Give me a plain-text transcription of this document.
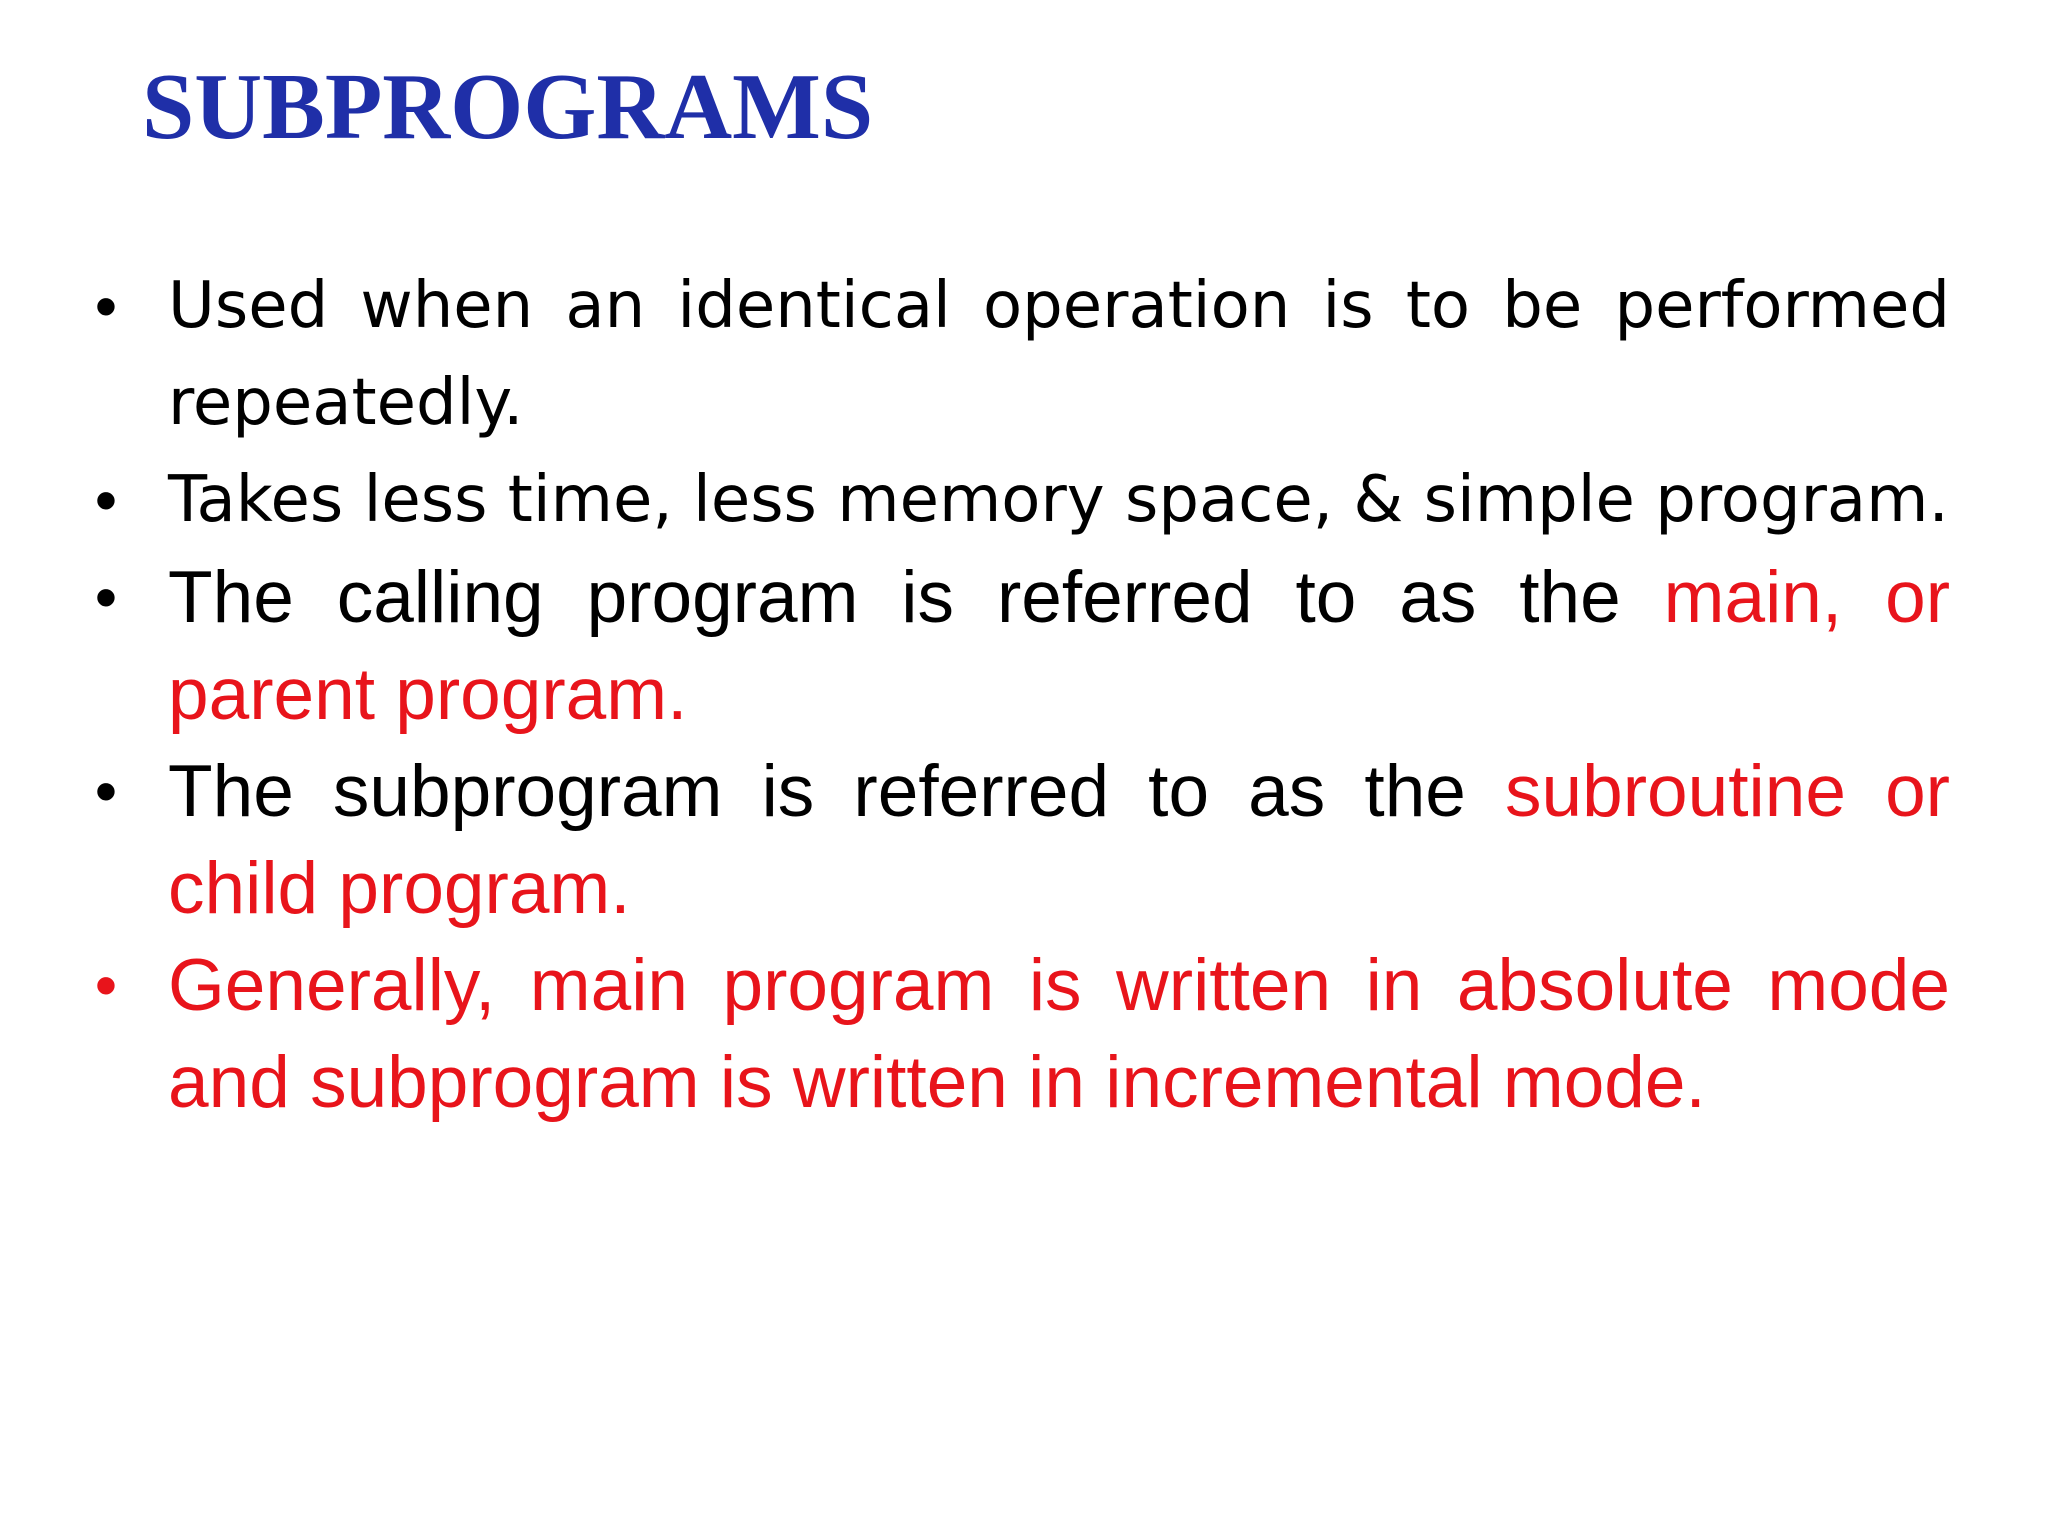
SUBPROGRAMS
• Used when an identical operation is to be performed repeatedly.
• Takes less time, less memory space, & simple program.
• The calling program is referred to as the main, or parent program.
• The subprogram is referred to as the subroutine or child program.
• Generally, main program is written in absolute mode and subprogram is written in incremental mode.
